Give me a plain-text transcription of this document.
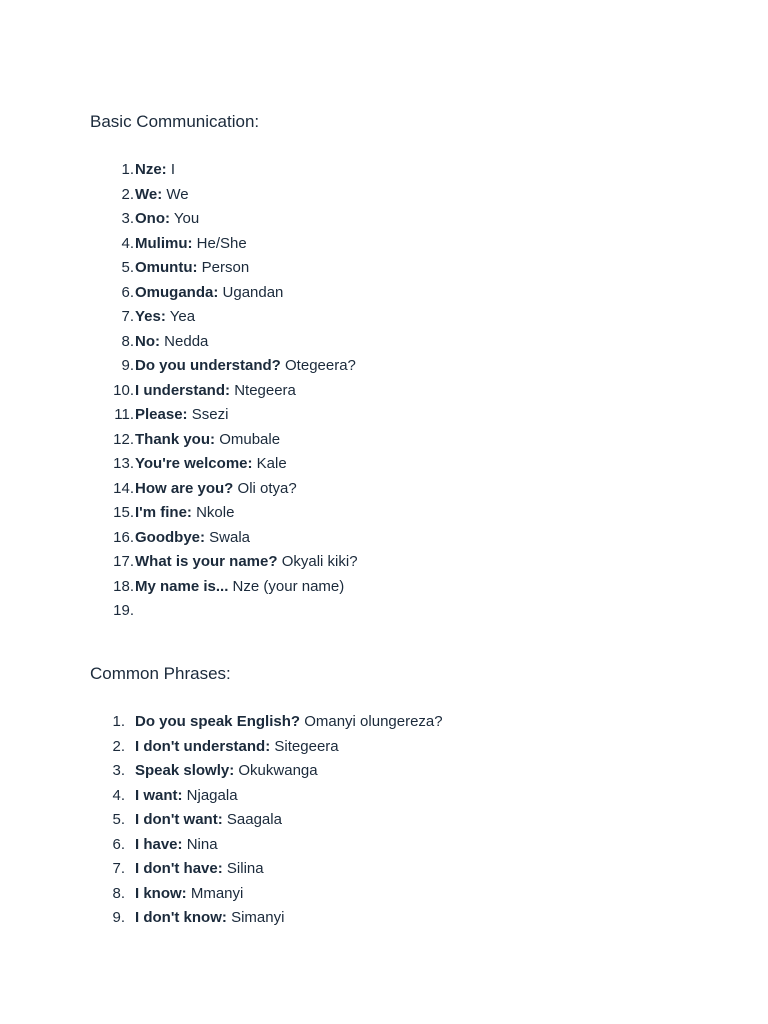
Basic Communication:
1. Nze: I
2. We: We
3. Ono: You
4. Mulimu: He/She
5. Omuntu: Person
6. Omuganda: Ugandan
7. Yes: Yea
8. No: Nedda
9. Do you understand? Otegeera?
10. I understand: Ntegeera
11. Please: Ssezi
12. Thank you: Omubale
13. You're welcome: Kale
14. How are you? Oli otya?
15. I'm fine: Nkole
16. Goodbye: Swala
17. What is your name? Okyali kiki?
18. My name is... Nze (your name)
19.
Common Phrases:
1. Do you speak English? Omanyi olungereza?
2. I don't understand: Sitegeera
3. Speak slowly: Okukwanga
4. I want: Njagala
5. I don't want: Saagala
6. I have: Nina
7. I don't have: Silina
8. I know: Mmanyi
9. I don't know: Simanyi
